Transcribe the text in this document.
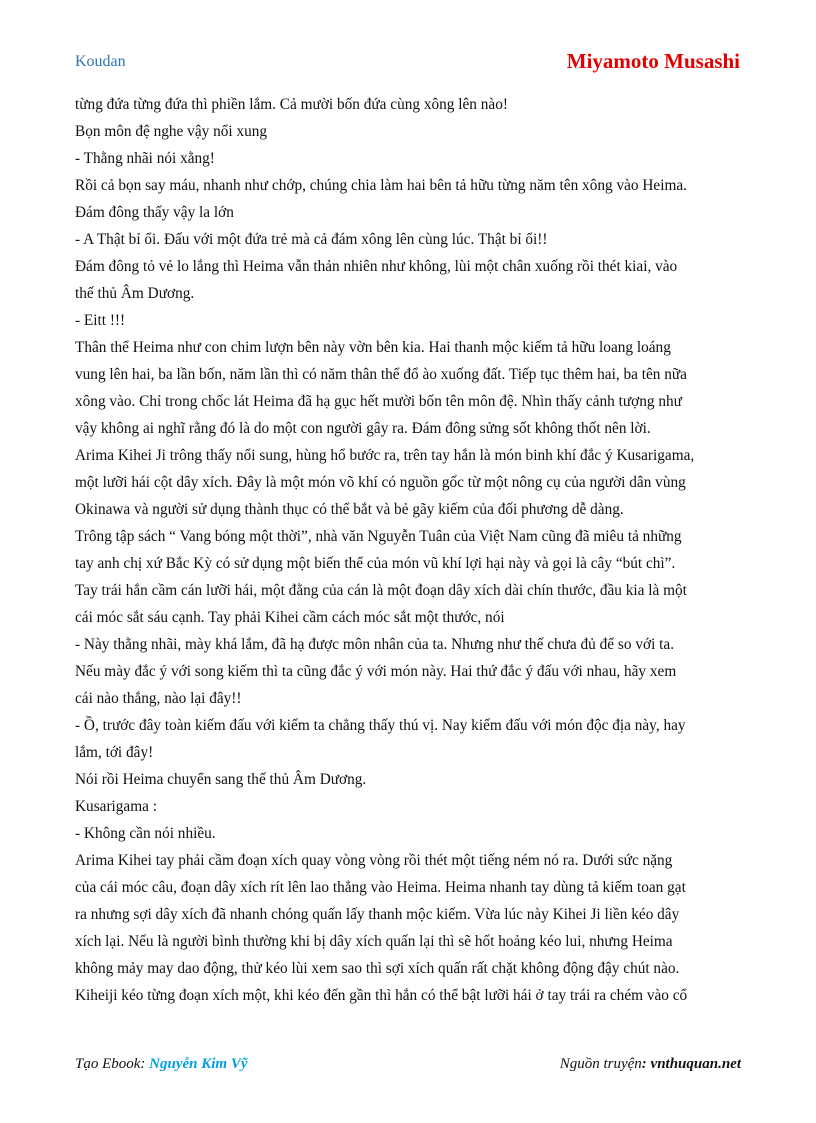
Koudan	Miyamoto Musashi
từng đứa từng đứa thì phiền lắm. Cả mười bốn đứa cùng xông lên nào!
Bọn môn đệ nghe vậy nổi xung
- Thằng nhãi nói xằng!
Rồi cả bọn say máu, nhanh như chớp, chúng chia làm hai bên tả hữu từng năm tên xông vào Heima.
Đám đông thấy vậy la lớn
- A Thật bỉ ổi. Đấu với một đứa trẻ mà cả đám xông lên cùng lúc. Thật bỉ ổi!!
Đám đông tỏ vẻ lo lắng thì Heima vẫn thản nhiên như không, lùi một chân xuống rồi thét kiai, vào
thế thủ Âm Dương.
- Eitt !!!
Thân thể Heima như con chim lượn bên này vờn bên kia. Hai thanh mộc kiếm tả hữu loang loáng
vung lên hai, ba lần bốn, năm lần thì có năm thân thể đổ ào xuống đất. Tiếp tục thêm hai, ba tên nữa
xông vào. Chỉ trong chốc lát Heima đã hạ gục hết mười bốn tên môn đệ. Nhìn thấy cảnh tượng như
vậy không ai nghĩ rằng đó là do một con người gây ra. Đám đông sửng sốt không thốt nên lời.
Arima Kihei Ji trông thấy nổi sung, hùng hổ bước ra, trên tay hắn là món binh khí đắc ý Kusarigama,
một lưỡi hái cột dây xích. Đây là một món võ khí có nguồn gốc từ một nông cụ của người dân vùng
Okinawa và người sử dụng thành thục có thể bắt và bẻ gãy kiếm của đối phương dễ dàng.
Trông tập sách “ Vang bóng một thời”, nhà văn Nguyễn Tuân của Việt Nam cũng đã miêu tả những
tay anh chị xứ Bắc Kỳ có sử dụng một biến thể của món vũ khí lợi hại này và gọi là cây “bút chì”.
Tay trái hắn cầm cán lưỡi hái, một đằng của cán là một đoạn dây xích dài chín thước, đầu kia là một
cái móc sắt sáu cạnh. Tay phải Kihei cầm cách móc sắt một thước, nói
- Này thằng nhãi, mày khá lắm, đã hạ được môn nhân của ta. Nhưng như thế chưa đủ để so với ta.
Nếu mày đắc ý với song kiếm thì ta cũng đắc ý với món này. Hai thứ đắc ý đấu với nhau, hãy xem
cái nào thắng, nào lại đây!!
- Ồ, trước đây toàn kiếm đấu với kiếm ta chẳng thấy thú vị. Nay kiếm đấu với món độc địa này, hay
lắm, tới đây!
Nói rồi Heima chuyển sang thế thủ Âm Dương.
Kusarigama :
- Không cần nói nhiều.
Arima Kihei tay phải cầm đoạn xích quay vòng vòng rồi thét một tiếng ném nó ra. Dưới sức nặng
của cái móc câu, đoạn dây xích rít lên lao thẳng vào Heima. Heima nhanh tay dùng tả kiếm toan gạt
ra nhưng sợi dây xích đã nhanh chóng quấn lấy thanh mộc kiếm. Vừa lúc này Kihei Ji liền kéo dây
xích lại. Nếu là người bình thường khi bị dây xích quấn lại thì sẽ hốt hoảng kéo lui, nhưng Heima
không mảy may dao động, thử kéo lùi xem sao thì sợi xích quấn rất chặt không động đậy chút nào.
Kiheiji kéo từng đoạn xích một, khi kéo đến gần thì hắn có thể bật lưỡi hái ở tay trái ra chém vào cổ
Tạo Ebook: Nguyễn Kim Vỹ	Nguồn truyện: vnthuquan.net
